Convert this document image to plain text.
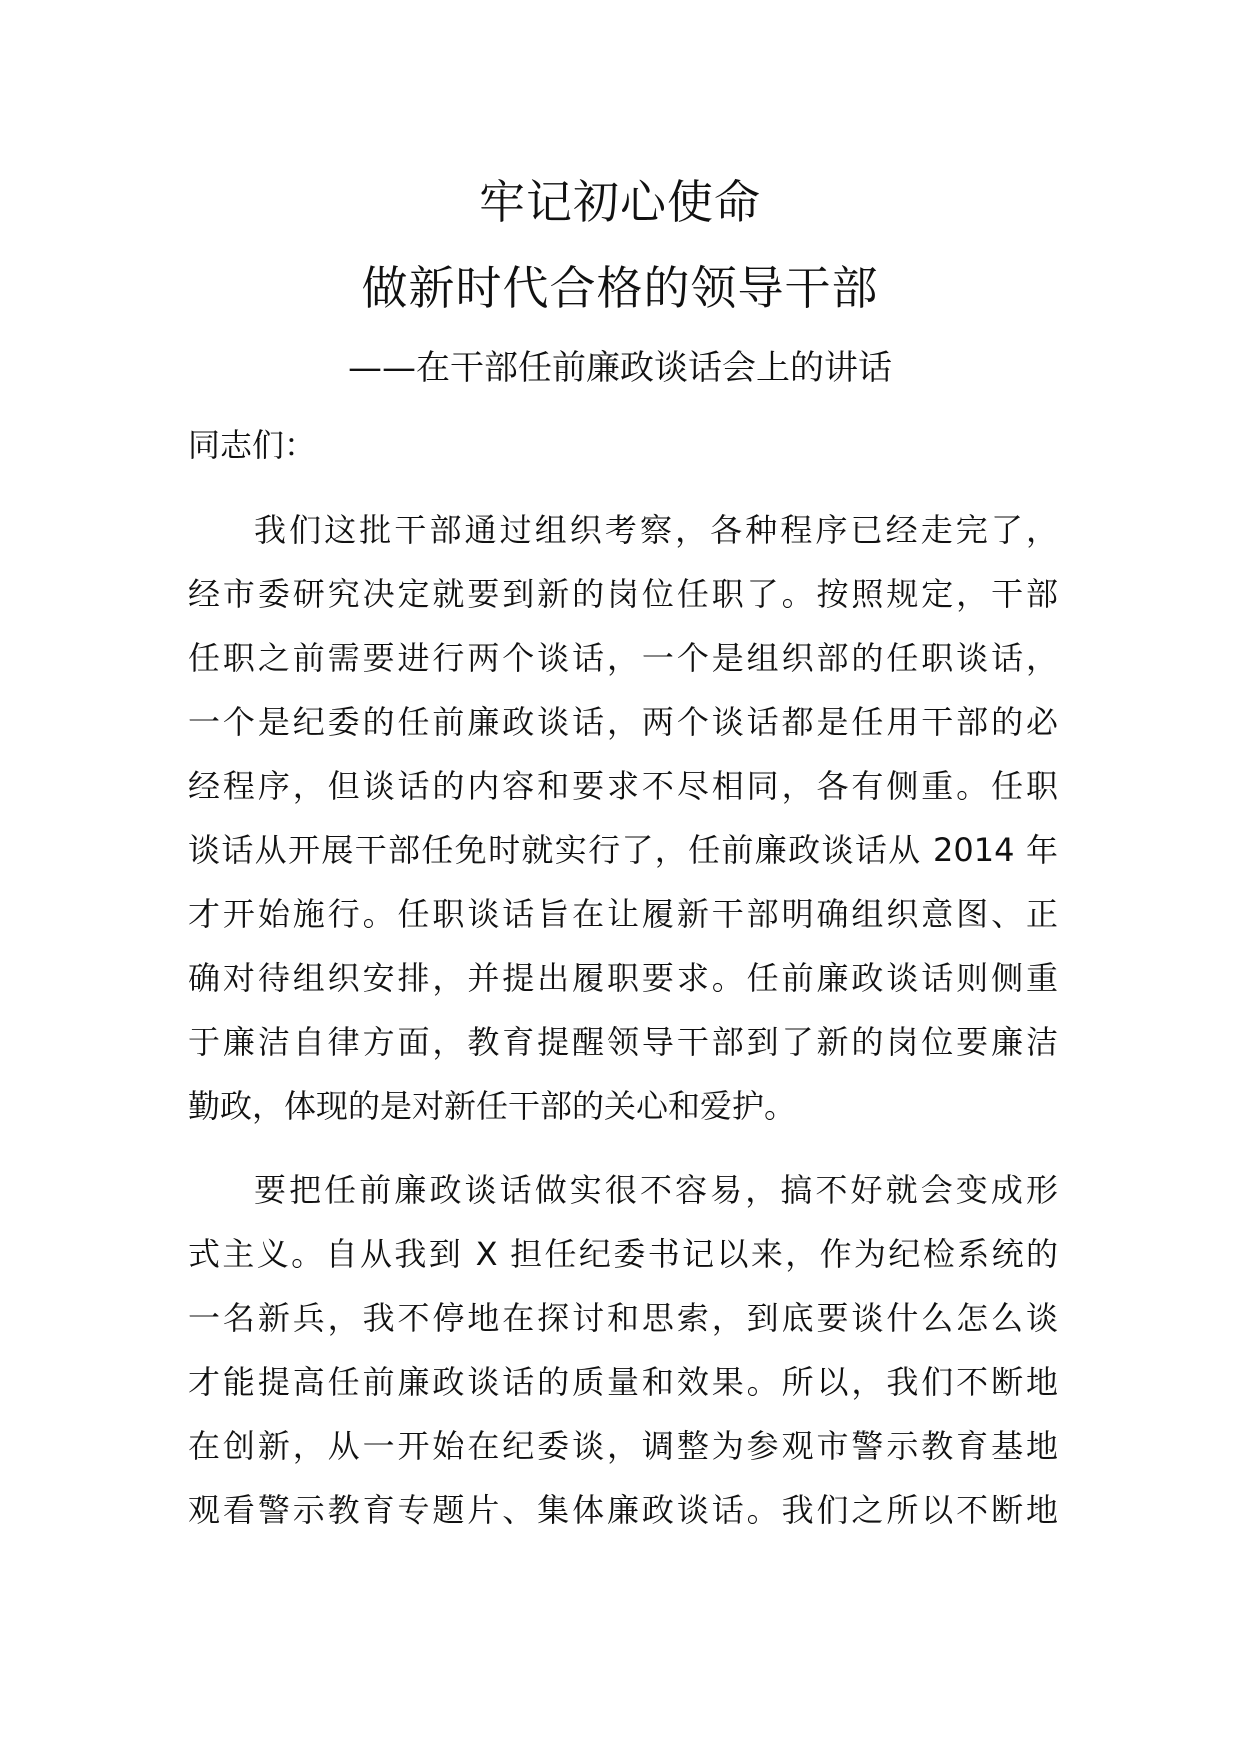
牢记初心使命
做新时代合格的领导干部
——在干部任前廉政谈话会上的讲话
同志们：
我们这批干部通过组织考察，各种程序已经走完了，
经市委研究决定就要到新的岗位任职了。按照规定，干部
任职之前需要进行两个谈话，一个是组织部的任职谈话，
一个是纪委的任前廉政谈话，两个谈话都是任用干部的必
经程序，但谈话的内容和要求不尽相同，各有侧重。任职
谈话从开展干部任免时就实行了，任前廉政谈话从 2014 年
才开始施行。任职谈话旨在让履新干部明确组织意图、正
确对待组织安排，并提出履职要求。任前廉政谈话则侧重
于廉洁自律方面，教育提醒领导干部到了新的岗位要廉洁
勤政，体现的是对新任干部的关心和爱护。
要把任前廉政谈话做实很不容易，搞不好就会变成形
式主义。自从我到 X 担任纪委书记以来，作为纪检系统的
一名新兵，我不停地在探讨和思索，到底要谈什么怎么谈
才能提高任前廉政谈话的质量和效果。所以，我们不断地
在创新，从一开始在纪委谈，调整为参观市警示教育基地
观看警示教育专题片、集体廉政谈话。我们之所以不断地
